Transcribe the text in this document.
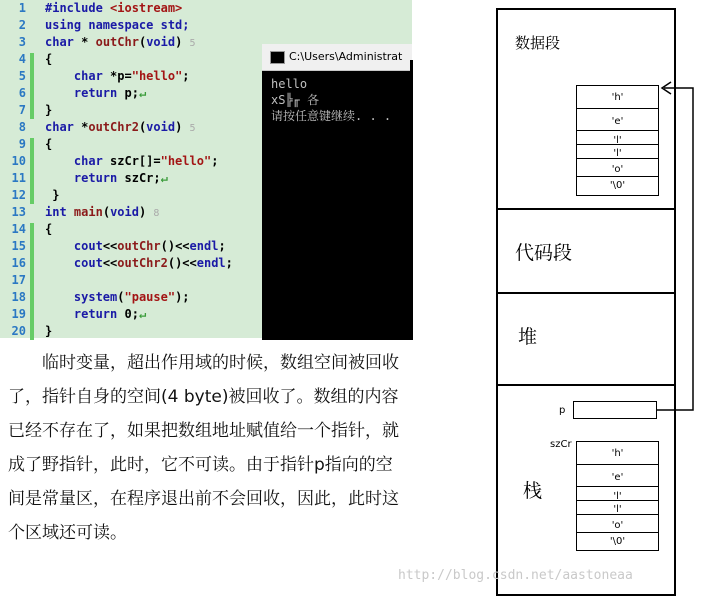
1
2
3
4
5
6
7
8
9
10
11
12
13
14
15
16
17
18
19
20
#include <iostream>
using namespace std;
char * outChr(void) 5
{
char *p="hello";
return p;↵
}
char *outChr2(void) 5
{
char szCr[]="hello";
return szCr;↵
}
int main(void) 8
{
cout<<outChr()<<endl;
cout<<outChr2()<<endl;
system("pause");
return 0;↵
}
C:\Users\Administrat
hello
xS╠╓ 各
请按任意键继续. . .
临时变量，超出作用域的时候，数组空间被回收了，指针自身的空间(4 byte)被回收了。数组的内容已经不存在了，如果把数组地址赋值给一个指针，就成了野指针，此时，它不可读。由于指针p指向的空间是常量区，在程序退出前不会回收，因此，此时这个区域还可读。
数据段
代码段
堆
栈
'h'
'e'
'l'
'l'
'o'
'\0'
p
szCr
'h'
'e'
'l'
'l'
'o'
'\0'
http://blog.csdn.net/aastoneaa
